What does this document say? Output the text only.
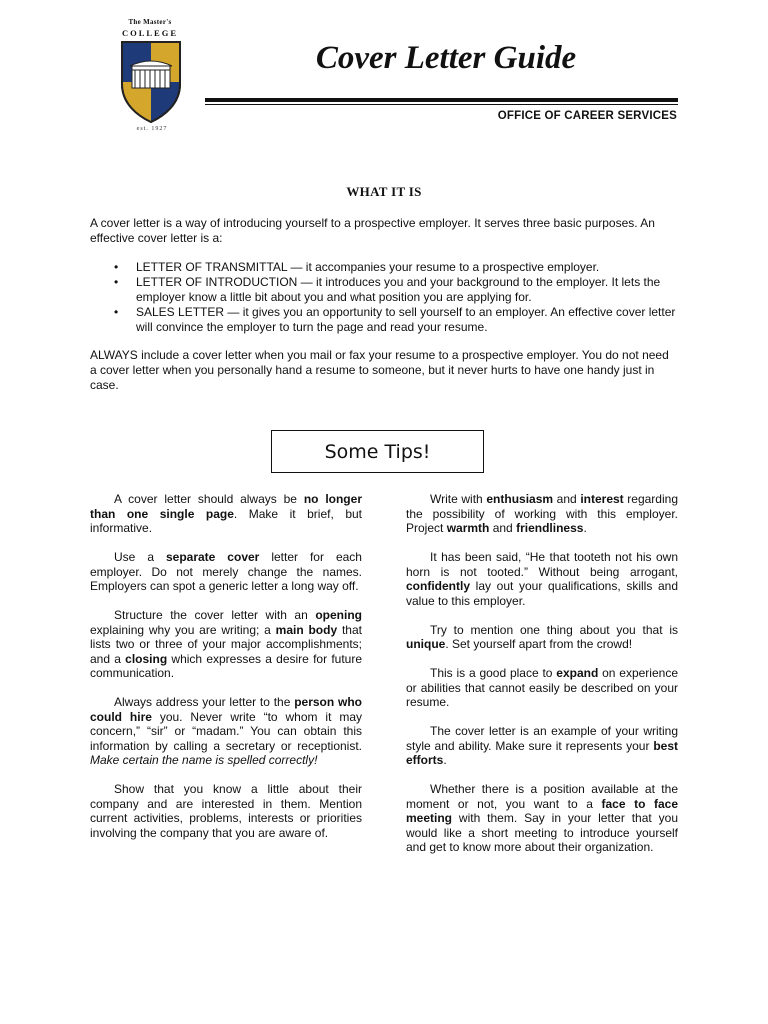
The Master's
COLLEGE
est. 1927
Cover Letter Guide
OFFICE OF CAREER SERVICES
WHAT IT IS

A cover letter is a way of introducing yourself to a prospective employer. It serves three basic purposes. An effective cover letter is a:

• LETTER OF TRANSMITTAL — it accompanies your resume to a prospective employer.
• LETTER OF INTRODUCTION — it introduces you and your background to the employer. It lets the employer know a little bit about you and what position you are applying for.
• SALES LETTER — it gives you an opportunity to sell yourself to an employer. An effective cover letter will convince the employer to turn the page and read your resume.

ALWAYS include a cover letter when you mail or fax your resume to a prospective employer. You do not need a cover letter when you personally hand a resume to someone, but it never hurts to have one handy just in case.

Some Tips!

A cover letter should always be no longer than one single page. Make it brief, but informative.

Use a separate cover letter for each employer. Do not merely change the names. Employers can spot a generic letter a long way off.

Structure the cover letter with an opening explaining why you are writing; a main body that lists two or three of your major accomplishments; and a closing which expresses a desire for future communication.

Always address your letter to the person who could hire you. Never write “to whom it may concern,” “sir” or “madam.” You can obtain this information by calling a secretary or receptionist. Make certain the name is spelled correctly!

Show that you know a little about their company and are interested in them. Mention current activities, problems, interests or priorities involving the company that you are aware of.

Write with enthusiasm and interest regarding the possibility of working with this employer. Project warmth and friendliness.

It has been said, “He that tooteth not his own horn is not tooted.” Without being arrogant, confidently lay out your qualifications, skills and value to this employer.

Try to mention one thing about you that is unique. Set yourself apart from the crowd!

This is a good place to expand on experience or abilities that cannot easily be described on your resume.

The cover letter is an example of your writing style and ability. Make sure it represents your best efforts.

Whether there is a position available at the moment or not, you want to a face to face meeting with them. Say in your letter that you would like a short meeting to introduce yourself and get to know more about their organization.
